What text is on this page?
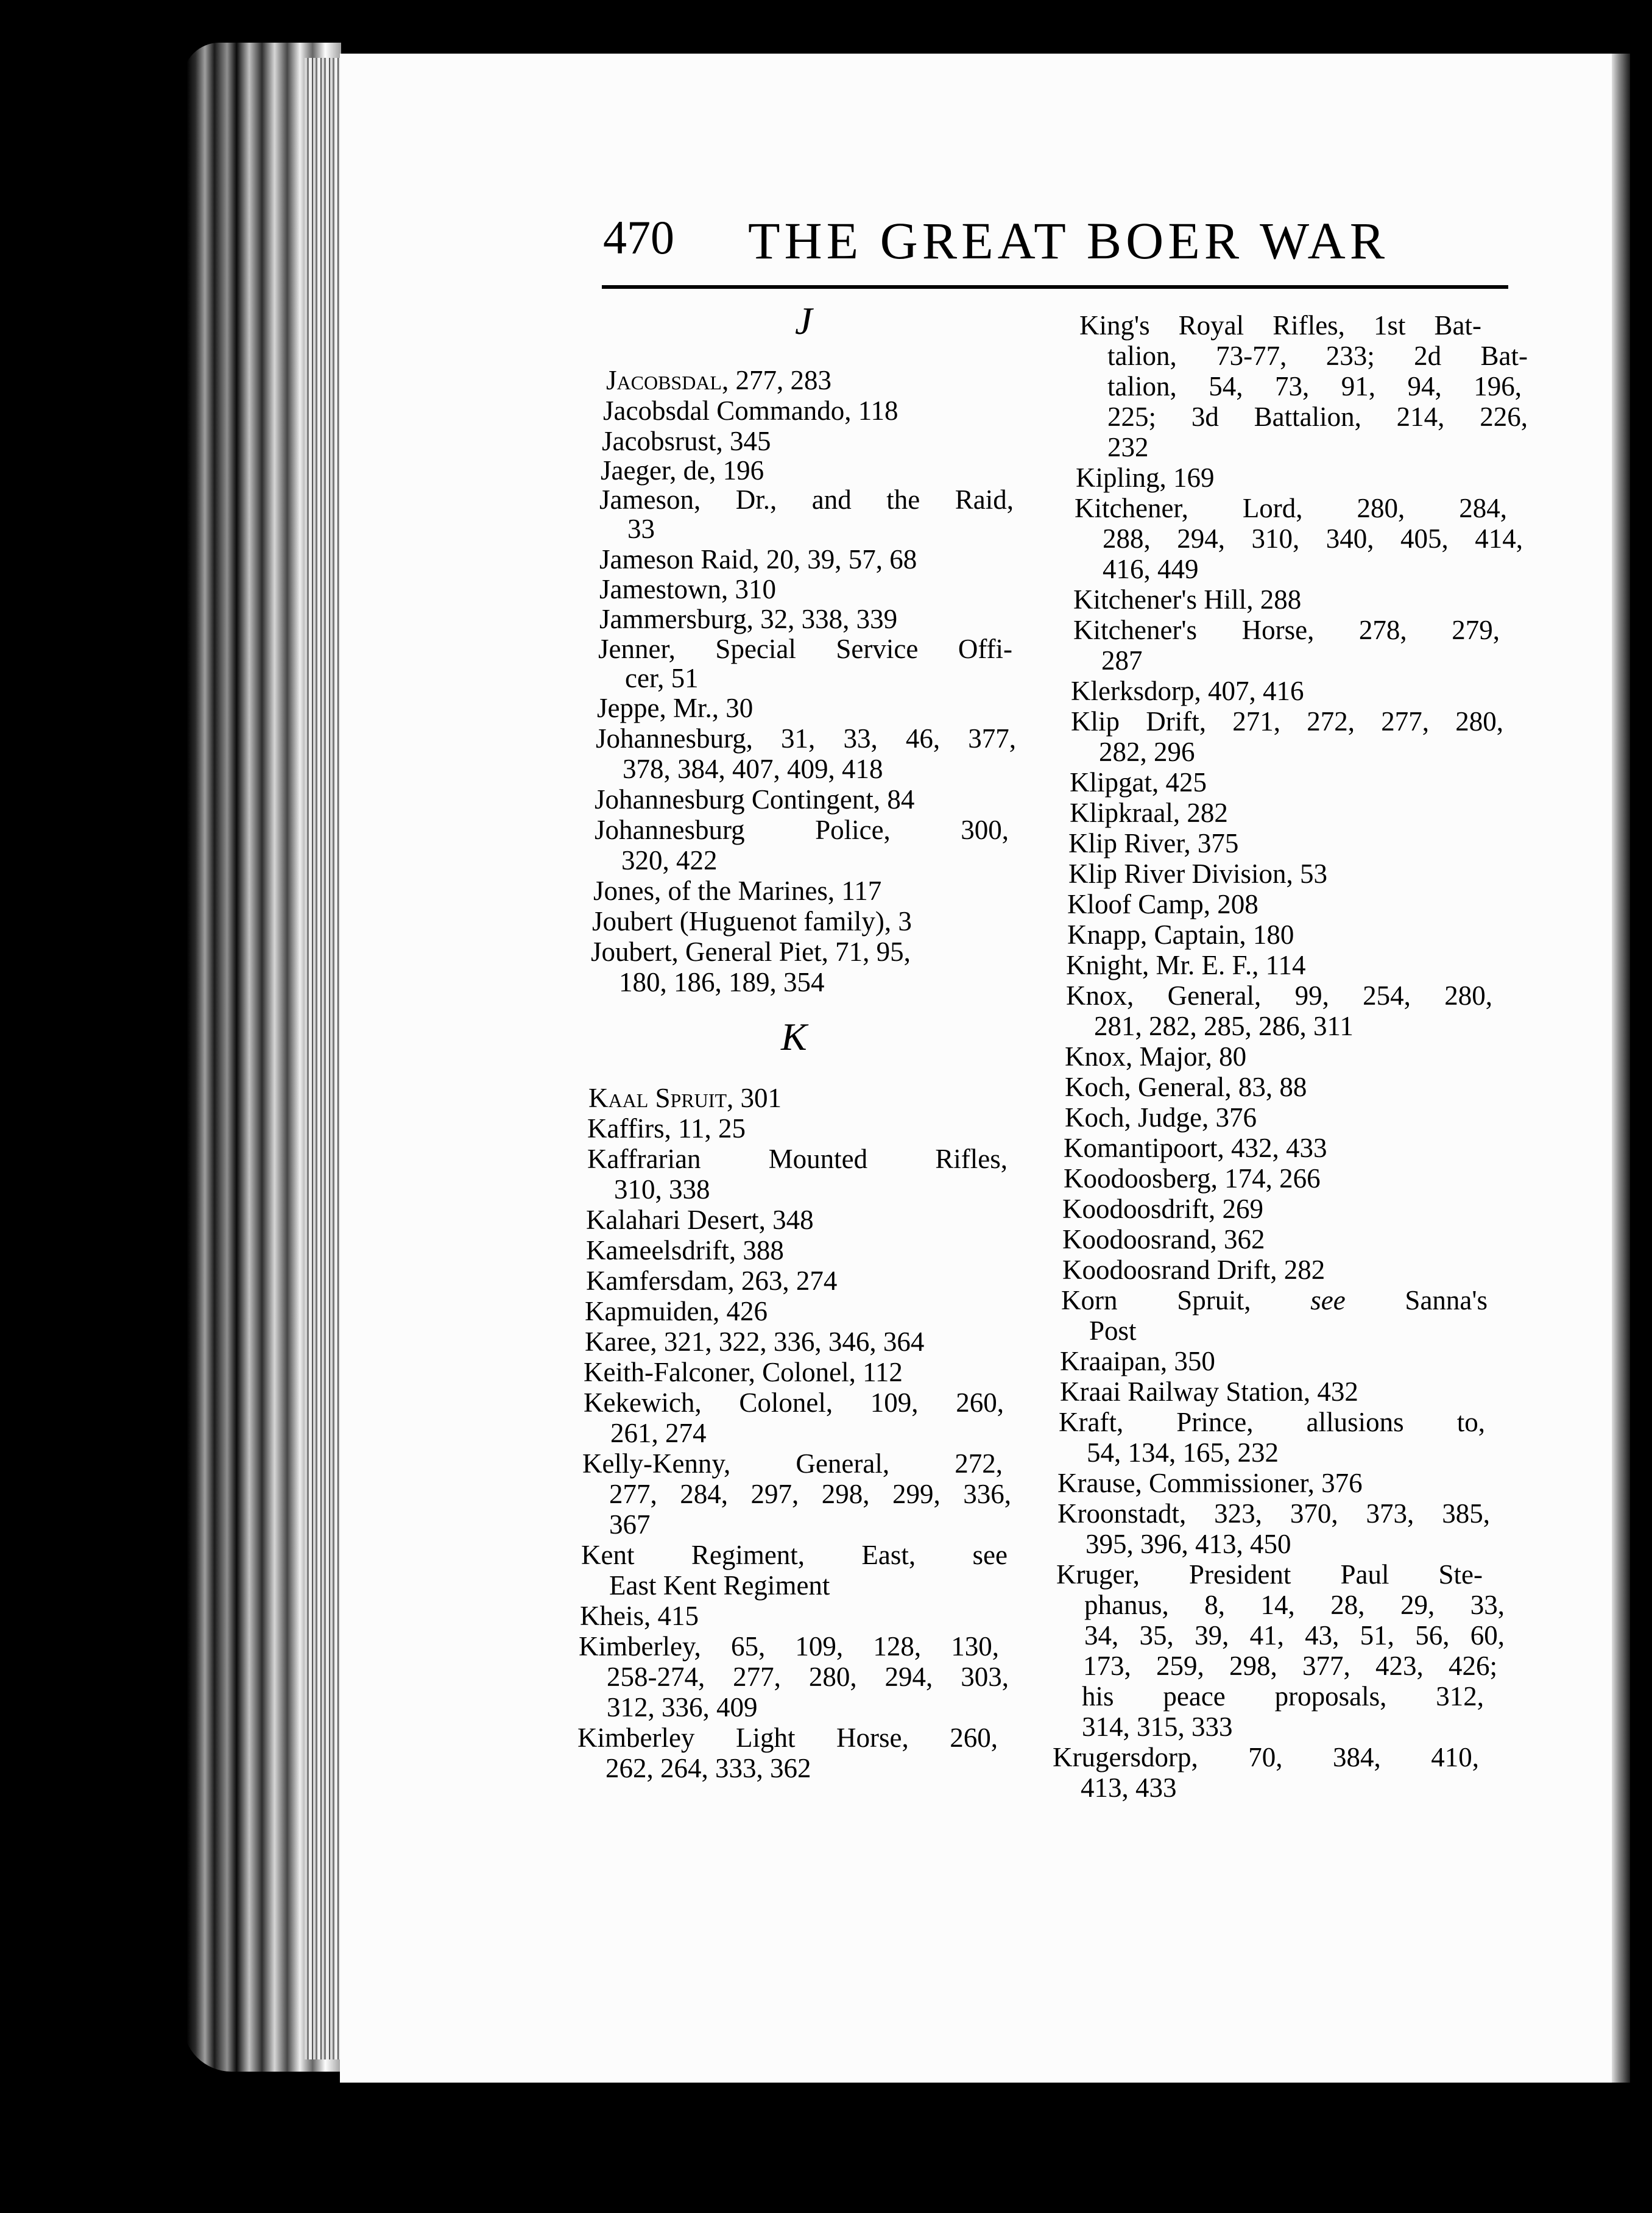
470 THE GREAT BOER WAR
J
K
Jacobsdal, 277, 283
Jacobsdal Commando, 118
Jacobsrust, 345
Jaeger, de, 196
Jameson, Dr., and the Raid,
33
Jameson Raid, 20, 39, 57, 68
Jamestown, 310
Jammersburg, 32, 338, 339
Jenner, Special Service Offi-
cer, 51
Jeppe, Mr., 30
Johannesburg, 31, 33, 46, 377,
378, 384, 407, 409, 418
Johannesburg Contingent, 84
Johannesburg Police, 300,
320, 422
Jones, of the Marines, 117
Joubert (Huguenot family), 3
Joubert, General Piet, 71, 95,
180, 186, 189, 354
Kaal Spruit, 301
Kaffirs, 11, 25
Kaffrarian Mounted Rifles,
310, 338
Kalahari Desert, 348
Kameelsdrift, 388
Kamfersdam, 263, 274
Kapmuiden, 426
Karee, 321, 322, 336, 346, 364
Keith-Falconer, Colonel, 112
Kekewich, Colonel, 109, 260,
261, 274
Kelly-Kenny, General, 272,
277, 284, 297, 298, 299, 336,
367
Kent Regiment, East, see
East Kent Regiment
Kheis, 415
Kimberley, 65, 109, 128, 130,
258-274, 277, 280, 294, 303,
312, 336, 409
Kimberley Light Horse, 260,
262, 264, 333, 362
King's Royal Rifles, 1st Bat-
talion, 73-77, 233; 2d Bat-
talion, 54, 73, 91, 94, 196,
225; 3d Battalion, 214, 226,
232
Kipling, 169
Kitchener, Lord, 280, 284,
288, 294, 310, 340, 405, 414,
416, 449
Kitchener's Hill, 288
Kitchener's Horse, 278, 279,
287
Klerksdorp, 407, 416
Klip Drift, 271, 272, 277, 280,
282, 296
Klipgat, 425
Klipkraal, 282
Klip River, 375
Klip River Division, 53
Kloof Camp, 208
Knapp, Captain, 180
Knight, Mr. E. F., 114
Knox, General, 99, 254, 280,
281, 282, 285, 286, 311
Knox, Major, 80
Koch, General, 83, 88
Koch, Judge, 376
Komantipoort, 432, 433
Koodoosberg, 174, 266
Koodoosdrift, 269
Koodoosrand, 362
Koodoosrand Drift, 282
Korn Spruit, see Sanna's
Post
Kraaipan, 350
Kraai Railway Station, 432
Kraft, Prince, allusions to,
54, 134, 165, 232
Krause, Commissioner, 376
Kroonstadt, 323, 370, 373, 385,
395, 396, 413, 450
Kruger, President Paul Ste-
phanus, 8, 14, 28, 29, 33,
34, 35, 39, 41, 43, 51, 56, 60,
173, 259, 298, 377, 423, 426;
his peace proposals, 312,
314, 315, 333
Krugersdorp, 70, 384, 410,
413, 433
